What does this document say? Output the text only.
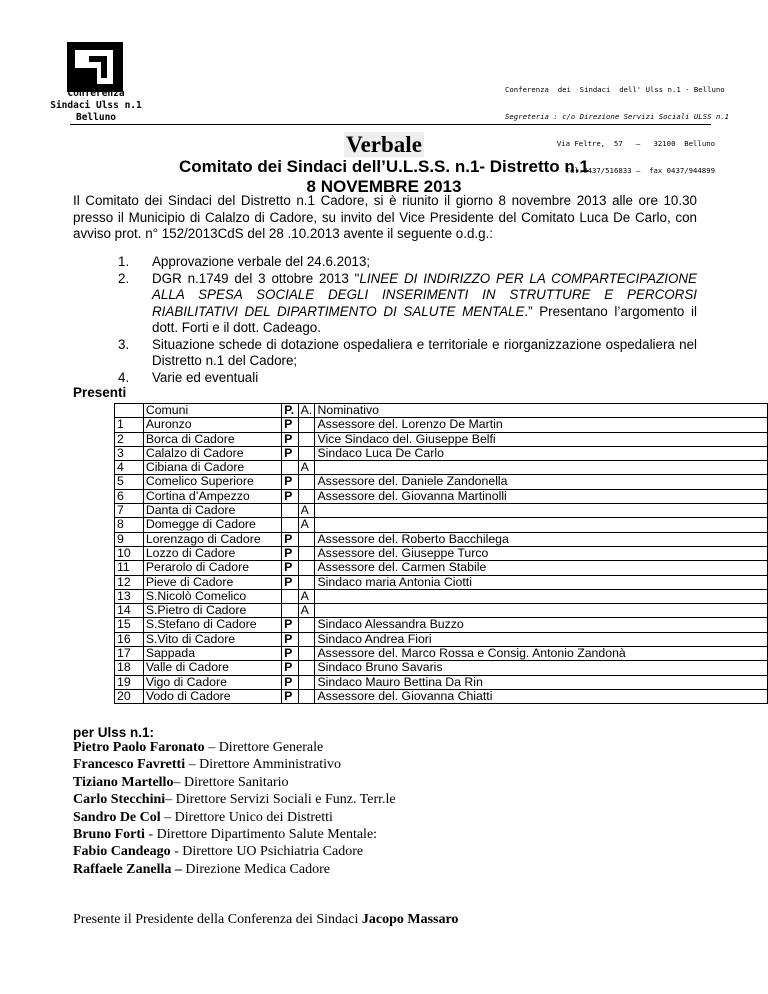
Conferenza
Sindaci Ulss n.1
Belluno

Conferenza  dei  Sindaci  dell' Ulss n.1 - Belluno

Segreteria : c/o Direzione Servizi Sociali ULSS n.1

Via Feltre,  57   –   32100  Belluno

Tel.0437/516833 –  fax 0437/944899

Verbale
Comitato dei Sindaci dell’U.L.S.S. n.1- Distretto n.1
8 NOVEMBRE 2013
Il Comitato dei Sindaci del Distretto n.1 Cadore, si è riunito il giorno 8 novembre 2013 alle ore 10.30 presso il Municipio di Calalzo di Cadore, su invito del Vice Presidente del Comitato Luca De Carlo, con avviso prot. n° 152/2013CdS del 28 .10.2013 avente il seguente o.d.g.:
1. Approvazione verbale del 24.6.2013;
2. DGR n.1749 del 3 ottobre 2013 "LINEE DI INDIRIZZO PER LA COMPARTECIPAZIONE ALLA SPESA SOCIALE DEGLI INSERIMENTI IN STRUTTURE E PERCORSI RIABILITATIVI DEL DIPARTIMENTO DI SALUTE MENTALE.” Presentano l’argomento il dott. Forti e il dott. Cadeago.
3. Situazione schede di dotazione ospedaliera e territoriale e riorganizzazione ospedaliera nel Distretto n.1 del Cadore;
4. Varie ed eventuali
Presenti
	Comuni	P.	A.	Nominativo
1	Auronzo	P		Assessore del. Lorenzo De Martin
2	Borca di Cadore	P		Vice Sindaco del. Giuseppe Belfi
3	Calalzo di Cadore	P		Sindaco Luca De Carlo
4	Cibiana di Cadore		A	
5	Comelico Superiore	P		Assessore del. Daniele Zandonella
6	Cortina d’Ampezzo	P		Assessore del. Giovanna Martinolli
7	Danta di Cadore		A	
8	Domegge di Cadore		A	
9	Lorenzago di Cadore	P		Assessore del. Roberto Bacchilega
10	Lozzo di Cadore	P		Assessore del. Giuseppe Turco
11	Perarolo di Cadore	P		Assessore del. Carmen Stabile
12	Pieve di Cadore	P		Sindaco maria Antonia Ciotti
13	S.Nicolò Comelico		A	
14	S.Pietro di Cadore		A	
15	S.Stefano di Cadore	P		Sindaco Alessandra Buzzo
16	S.Vito di Cadore	P		Sindaco Andrea Fiori
17	Sappada	P		Assessore del. Marco Rossa e Consig. Antonio Zandonà
18	Valle di Cadore	P		Sindaco Bruno Savaris
19	Vigo di Cadore	P		Sindaco Mauro Bettina Da Rin
20	Vodo di Cadore	P		Assessore del. Giovanna Chiatti
per Ulss n.1:
Pietro Paolo Faronato – Direttore Generale
Francesco Favretti – Direttore Amministrativo
Tiziano Martello– Direttore Sanitario
Carlo Stecchini– Direttore Servizi Sociali e Funz. Terr.le
Sandro De Col – Direttore Unico dei Distretti
Bruno Forti - Direttore Dipartimento Salute Mentale:
Fabio Candeago - Direttore UO Psichiatria Cadore
Raffaele Zanella – Direzione Medica Cadore
Presente il Presidente della Conferenza dei Sindaci Jacopo Massaro
